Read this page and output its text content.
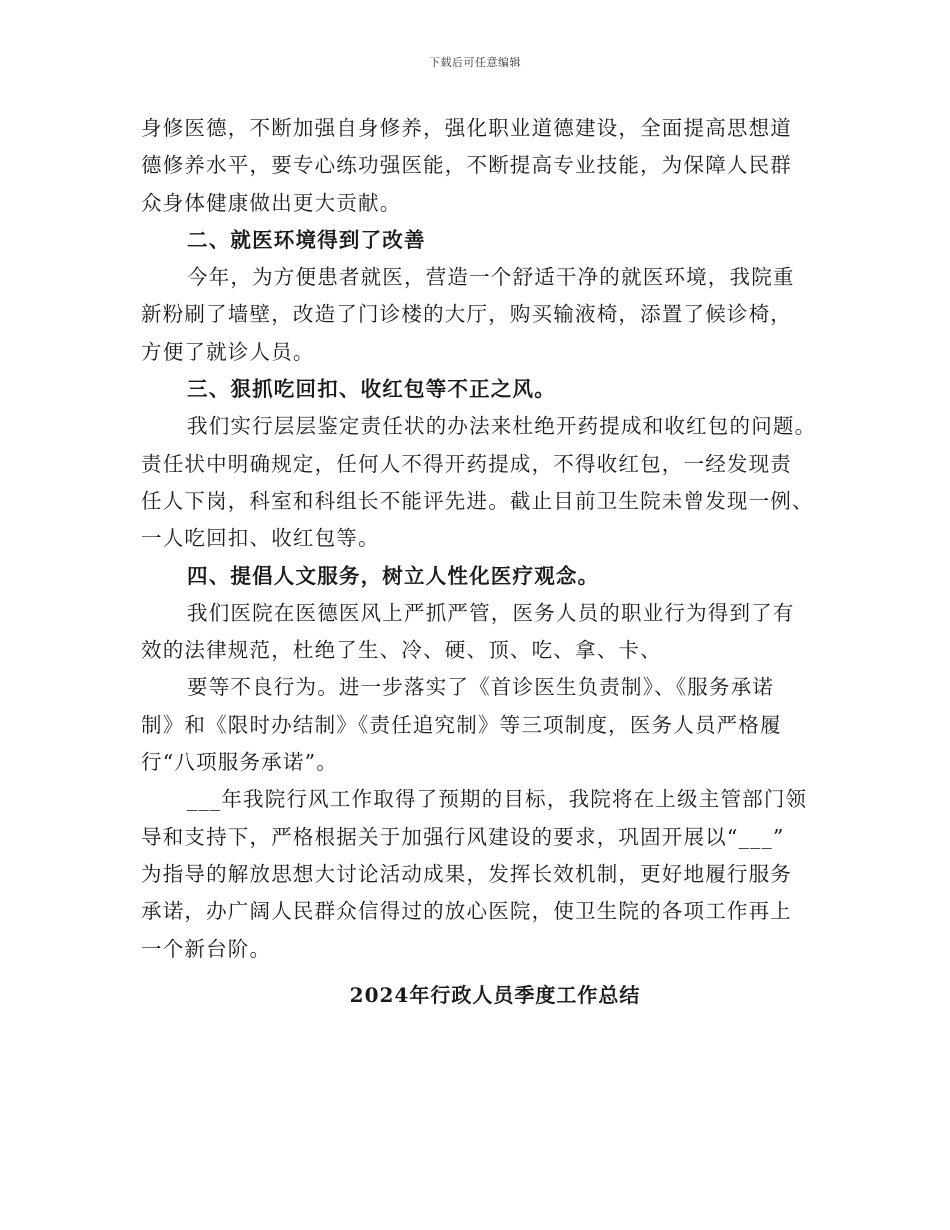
下载后可任意编辑
身修医德，不断加强自身修养，强化职业道德建设，全面提高思想道
德修养水平，要专心练功强医能，不断提高专业技能，为保障人民群
众身体健康做出更大贡献。
二、就医环境得到了改善
今年，为方便患者就医，营造一个舒适干净的就医环境，我院重
新粉刷了墙壁，改造了门诊楼的大厅，购买输液椅，添置了候诊椅，
方便了就诊人员。
三、狠抓吃回扣、收红包等不正之风。
我们实行层层鉴定责任状的办法来杜绝开药提成和收红包的问题。
责任状中明确规定，任何人不得开药提成，不得收红包，一经发现责
任人下岗，科室和科组长不能评先进。截止目前卫生院未曾发现一例、
一人吃回扣、收红包等。
四、提倡人文服务，树立人性化医疗观念。
我们医院在医德医风上严抓严管，医务人员的职业行为得到了有
效的法律规范，杜绝了生、冷、硬、顶、吃、拿、卡、
要等不良行为。进一步落实了《首诊医生负责制》、《服务承诺
制》和《限时办结制》《责任追究制》等三项制度，医务人员严格履
行“八项服务承诺”。
___年我院行风工作取得了预期的目标，我院将在上级主管部门领
导和支持下，严格根据关于加强行风建设的要求，巩固开展以“___”
为指导的解放思想大讨论活动成果，发挥长效机制，更好地履行服务
承诺，办广阔人民群众信得过的放心医院，使卫生院的各项工作再上
一个新台阶。
2024年行政人员季度工作总结
